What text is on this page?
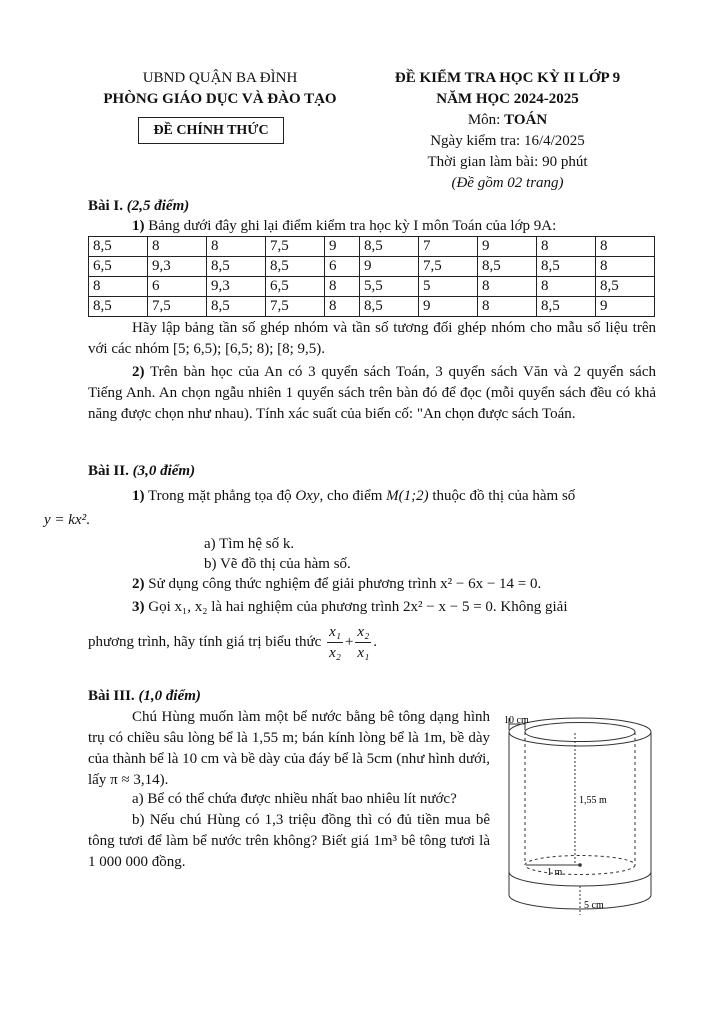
UBND QUẬN BA ĐÌNH
PHÒNG GIÁO DỤC VÀ ĐÀO TẠO
ĐỀ CHÍNH THỨC
ĐỀ KIỂM TRA HỌC KỲ II LỚP 9
NĂM HỌC 2024-2025
Môn: TOÁN
Ngày kiểm tra: 16/4/2025
Thời gian làm bài: 90 phút
(Đề gồm 02 trang)
Bài I. (2,5 điểm)
1) Bảng dưới đây ghi lại điểm kiểm tra học kỳ I môn Toán của lớp 9A:
8,5	8	8	7,5	9	8,5	7	9	8	8
6,5	9,3	8,5	8,5	6	9	7,5	8,5	8,5	8
8	6	9,3	6,5	8	5,5	5	8	8	8,5
8,5	7,5	8,5	7,5	8	8,5	9	8	8,5	9
Hãy lập bảng tần số ghép nhóm và tần số tương đối ghép nhóm cho mẫu số liệu trên với các nhóm [5; 6,5); [6,5; 8); [8; 9,5).
2) Trên bàn học của An có 3 quyển sách Toán, 3 quyển sách Văn và 2 quyển sách Tiếng Anh. An chọn ngẫu nhiên 1 quyển sách trên bàn đó để đọc (mỗi quyển sách đều có khả năng được chọn như nhau). Tính xác suất của biến cố: "An chọn được sách Toán.
Bài II. (3,0 điểm)
1) Trong mặt phẳng tọa độ Oxy, cho điểm M(1;2) thuộc đồ thị của hàm số
y = kx².
a) Tìm hệ số k.
b) Vẽ đồ thị của hàm số.
2) Sử dụng công thức nghiệm để giải phương trình x² − 6x − 14 = 0.
3) Gọi x₁, x₂ là hai nghiệm của phương trình 2x² − x − 5 = 0. Không giải
phương trình, hãy tính giá trị biểu thức $\frac{\text{x₁}}{\text{x₂}} + \frac{\text{x₂}}{\text{x₁}}$ .
Bài III. (1,0 điểm)
Chú Hùng muốn làm một bể nước bằng bê tông dạng hình trụ có chiều sâu lòng bể là 1,55 m; bán kính lòng bể là 1m, bề dày của thành bể là 10 cm và bề dày của đáy bể là 5cm (như hình dưới, lấy π ≈ 3,14).
a) Bể có thể chứa được nhiều nhất bao nhiêu lít nước?
b) Nếu chú Hùng có 1,3 triệu đồng thì có đủ tiền mua bê tông tươi để làm bể nước trên không? Biết giá 1m³ bê tông tươi là 1 000 000 đồng.
10 cm
1,55 m
1 m
5 cm
